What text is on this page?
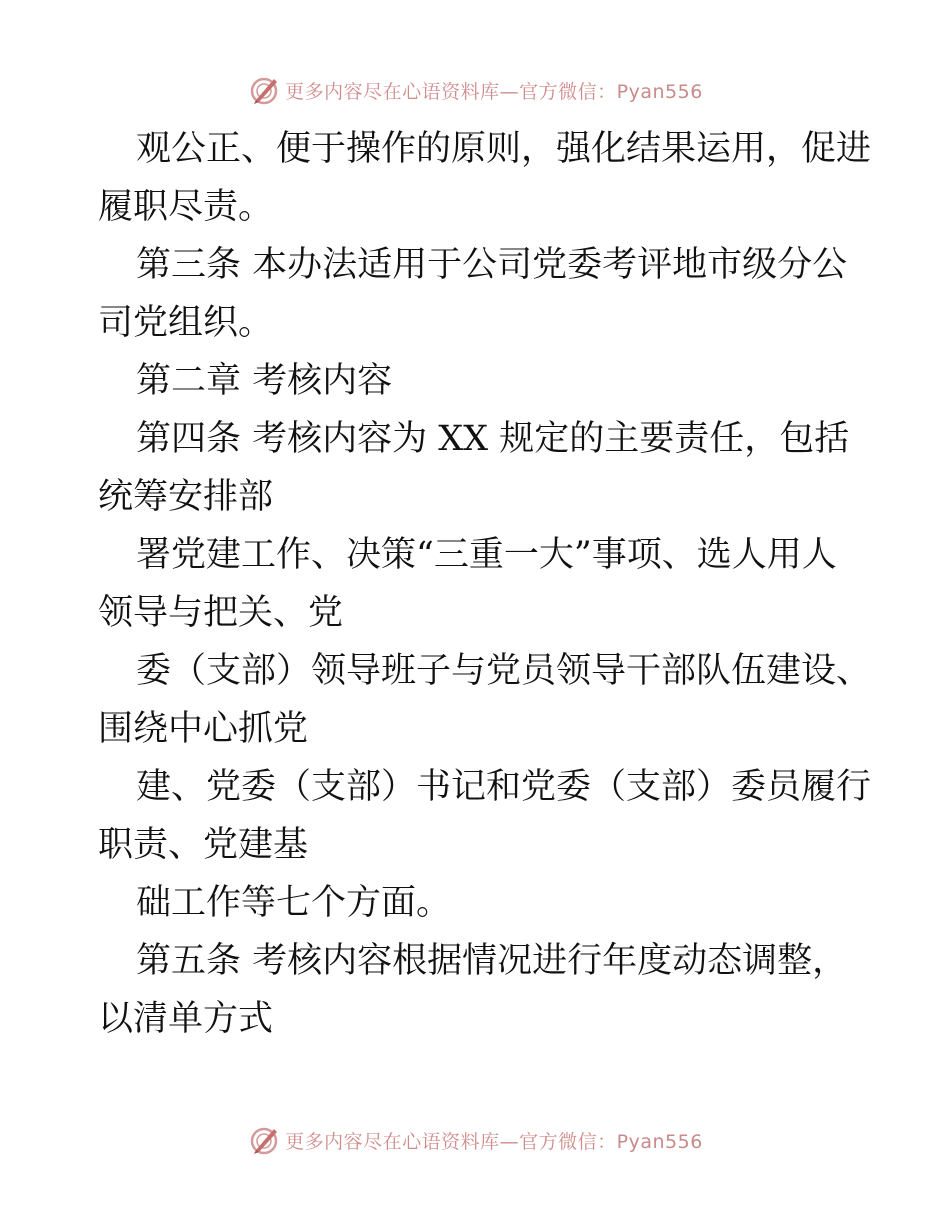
更多内容尽在心语资料库—官方微信：Pyan556
观公正、便于操作的原则，强化结果运用，促进
履职尽责。
第三条 本办法适用于公司党委考评地市级分公
司党组织。
第二章 考核内容
第四条 考核内容为 XX 规定的主要责任，包括
统筹安排部
署党建工作、决策“三重一大”事项、选人用人
领导与把关、党
委（支部）领导班子与党员领导干部队伍建设、
围绕中心抓党
建、党委（支部）书记和党委（支部）委员履行
职责、党建基
础工作等七个方面。
第五条 考核内容根据情况进行年度动态调整，
以清单方式
更多内容尽在心语资料库—官方微信：Pyan556
